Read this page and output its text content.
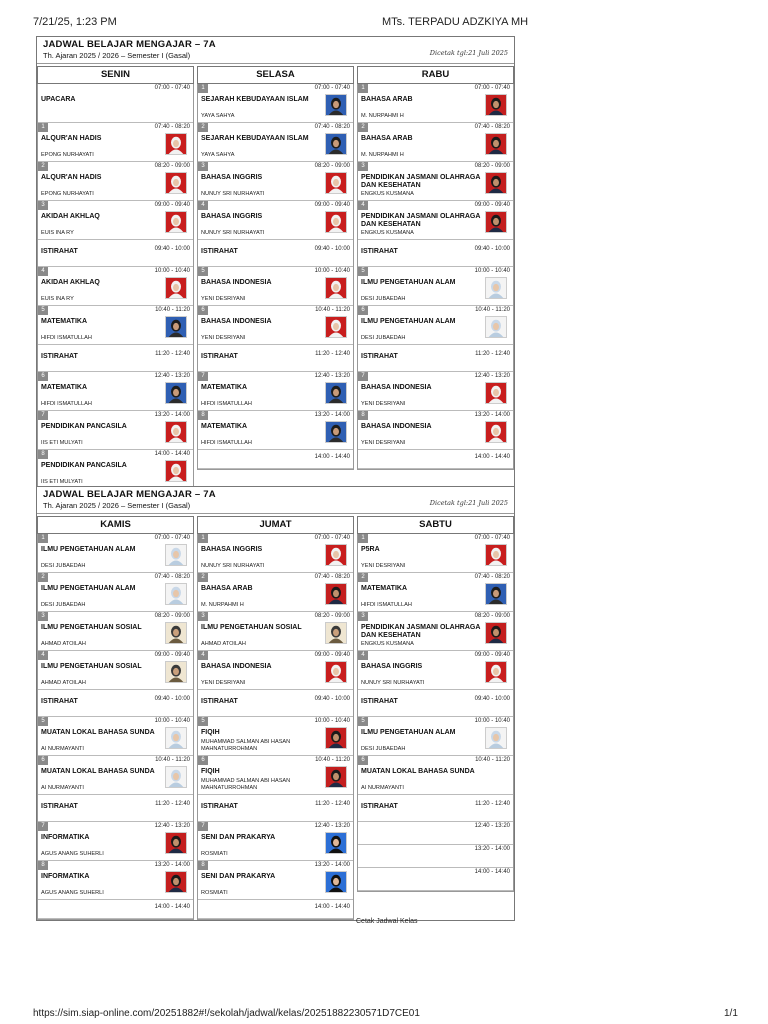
7/21/25, 1:23 PM	MTs. TERPADU ADZKIYA MH
JADWAL BELAJAR MENGAJAR – 7A
Th. Ajaran 2025 / 2026 – Semester I (Gasal)	Dicetak tgl:21 Juli 2025
SENIN
07:00 - 07:40
UPACARA
1	07:40 - 08:20
ALQUR'AN HADIS
EPONG NURHAYATI
2	08:20 - 09:00
ALQUR'AN HADIS
EPONG NURHAYATI
3	09:00 - 09:40
AKIDAH AKHLAQ
EUIS INA RY
09:40 - 10:00
ISTIRAHAT
4	10:00 - 10:40
AKIDAH AKHLAQ
EUIS INA RY
5	10:40 - 11:20
MATEMATIKA
HIFDI ISMATULLAH
11:20 - 12:40
ISTIRAHAT
6	12:40 - 13:20
MATEMATIKA
HIFDI ISMATULLAH
7	13:20 - 14:00
PENDIDIKAN PANCASILA
IIS ETI MULYATI
8	14:00 - 14:40
PENDIDIKAN PANCASILA
IIS ETI MULYATI
SELASA
1	07:00 - 07:40
SEJARAH KEBUDAYAAN ISLAM
YAYA SAHYA
2	07:40 - 08:20
SEJARAH KEBUDAYAAN ISLAM
YAYA SAHYA
3	08:20 - 09:00
BAHASA INGGRIS
NUNUY SRI NURHAYATI
4	09:00 - 09:40
BAHASA INGGRIS
NUNUY SRI NURHAYATI
09:40 - 10:00
ISTIRAHAT
5	10:00 - 10:40
BAHASA INDONESIA
YENI DESRIYANI
6	10:40 - 11:20
BAHASA INDONESIA
YENI DESRIYANI
11:20 - 12:40
ISTIRAHAT
7	12:40 - 13:20
MATEMATIKA
HIFDI ISMATULLAH
8	13:20 - 14:00
MATEMATIKA
HIFDI ISMATULLAH
14:00 - 14:40
RABU
1	07:00 - 07:40
BAHASA ARAB
M. NURPAHMI H
2	07:40 - 08:20
BAHASA ARAB
M. NURPAHMI H
3	08:20 - 09:00
PENDIDIKAN JASMANI OLAHRAGA DAN KESEHATAN
ENGKUS KUSMANA
4	09:00 - 09:40
PENDIDIKAN JASMANI OLAHRAGA DAN KESEHATAN
ENGKUS KUSMANA
09:40 - 10:00
ISTIRAHAT
5	10:00 - 10:40
ILMU PENGETAHUAN ALAM
DESI JUBAEDAH
6	10:40 - 11:20
ILMU PENGETAHUAN ALAM
DESI JUBAEDAH
11:20 - 12:40
ISTIRAHAT
7	12:40 - 13:20
BAHASA INDONESIA
YENI DESRIYANI
8	13:20 - 14:00
BAHASA INDONESIA
YENI DESRIYANI
14:00 - 14:40
JADWAL BELAJAR MENGAJAR – 7A
Th. Ajaran 2025 / 2026 – Semester I (Gasal)	Dicetak tgl:21 Juli 2025
KAMIS
1	07:00 - 07:40
ILMU PENGETAHUAN ALAM
DESI JUBAEDAH
2	07:40 - 08:20
ILMU PENGETAHUAN ALAM
DESI JUBAEDAH
3	08:20 - 09:00
ILMU PENGETAHUAN SOSIAL
AHMAD ATOILAH
4	09:00 - 09:40
ILMU PENGETAHUAN SOSIAL
AHMAD ATOILAH
09:40 - 10:00
ISTIRAHAT
5	10:00 - 10:40
MUATAN LOKAL BAHASA SUNDA
AI NURMAYANTI
6	10:40 - 11:20
MUATAN LOKAL BAHASA SUNDA
AI NURMAYANTI
11:20 - 12:40
ISTIRAHAT
7	12:40 - 13:20
INFORMATIKA
AGUS ANANG SUHERLI
8	13:20 - 14:00
INFORMATIKA
AGUS ANANG SUHERLI
14:00 - 14:40
JUMAT
1	07:00 - 07:40
BAHASA INGGRIS
NUNUY SRI NURHAYATI
2	07:40 - 08:20
BAHASA ARAB
M. NURPAHMI H
3	08:20 - 09:00
ILMU PENGETAHUAN SOSIAL
AHMAD ATOILAH
4	09:00 - 09:40
BAHASA INDONESIA
YENI DESRIYANI
09:40 - 10:00
ISTIRAHAT
5	10:00 - 10:40
FIQIH
MUHAMMAD SALMAN ABI HASAN MAHNATURROHMAN
6	10:40 - 11:20
FIQIH
MUHAMMAD SALMAN ABI HASAN MAHNATURROHMAN
11:20 - 12:40
ISTIRAHAT
7	12:40 - 13:20
SENI DAN PRAKARYA
ROSMIATI
8	13:20 - 14:00
SENI DAN PRAKARYA
ROSMIATI
14:00 - 14:40
SABTU
1	07:00 - 07:40
P5RA
YENI DESRIYANI
2	07:40 - 08:20
MATEMATIKA
HIFDI ISMATULLAH
3	08:20 - 09:00
PENDIDIKAN JASMANI OLAHRAGA DAN KESEHATAN
ENGKUS KUSMANA
4	09:00 - 09:40
BAHASA INGGRIS
NUNUY SRI NURHAYATI
09:40 - 10:00
ISTIRAHAT
5	10:00 - 10:40
ILMU PENGETAHUAN ALAM
DESI JUBAEDAH
6	10:40 - 11:20
MUATAN LOKAL BAHASA SUNDA
AI NURMAYANTI
11:20 - 12:40
ISTIRAHAT
12:40 - 13:20
13:20 - 14:00
14:00 - 14:40
Cetak Jadwal Kelas
https://sim.siap-online.com/20251882#!/sekolah/jadwal/kelas/20251882230571D7CE01	1/1
